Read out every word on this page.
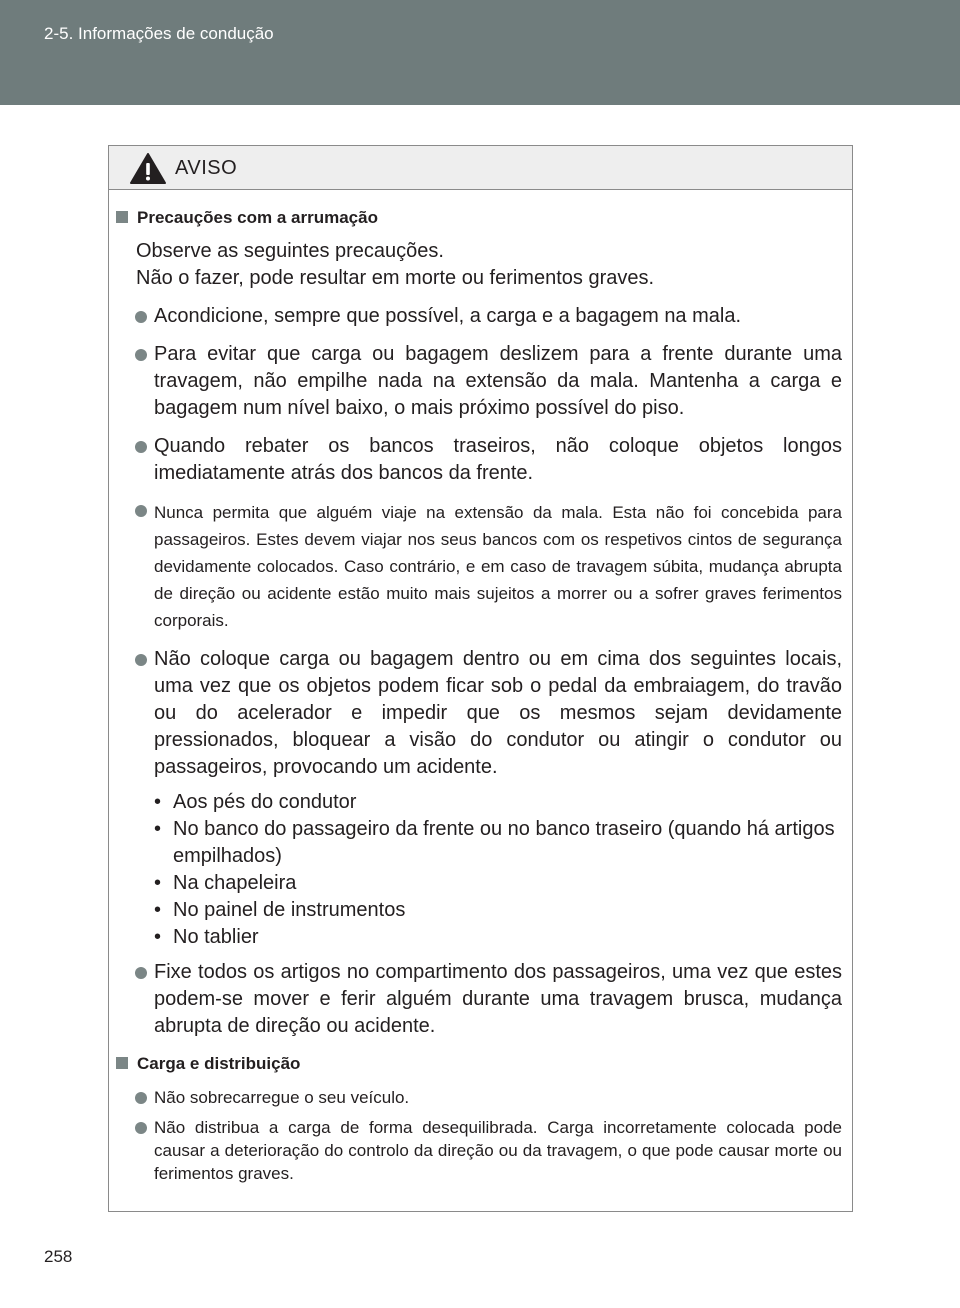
2-5. Informações de condução
AVISO
Precauções com a arrumação
Observe as seguintes precauções.
Não o fazer, pode resultar em morte ou ferimentos graves.
Acondicione, sempre que possível, a carga e a bagagem na mala.
Para evitar que carga ou bagagem deslizem para a frente durante uma travagem, não empilhe nada na extensão da mala. Mantenha a carga e bagagem num nível baixo, o mais próximo possível do piso.
Quando rebater os bancos traseiros, não coloque objetos longos imediatamente atrás dos bancos da frente.
Nunca permita que alguém viaje na extensão da mala. Esta não foi concebida para passageiros. Estes devem viajar nos seus bancos com os respetivos cintos de segurança devidamente colocados. Caso contrário, e em caso de travagem súbita, mudança abrupta de direção ou acidente estão muito mais sujeitos a morrer ou a sofrer graves ferimentos corporais.
Não coloque carga ou bagagem dentro ou em cima dos seguintes locais, uma vez que os objetos podem ficar sob o pedal da embraiagem, do travão ou do acelerador e impedir que os mesmos sejam devidamente pressionados, bloquear a visão do condutor ou atingir o condutor ou passageiros, provocando um acidente.
• Aos pés do condutor
• No banco do passageiro da frente ou no banco traseiro (quando há artigos empilhados)
• Na chapeleira
• No painel de instrumentos
• No tablier
Fixe todos os artigos no compartimento dos passageiros, uma vez que estes podem-se mover e ferir alguém durante uma travagem brusca, mudança abrupta de direção ou acidente.
Carga e distribuição
Não sobrecarregue o seu veículo.
Não distribua a carga de forma desequilibrada. Carga incorretamente colocada pode causar a deterioração do controlo da direção ou da travagem, o que pode causar morte ou ferimentos graves.
258
